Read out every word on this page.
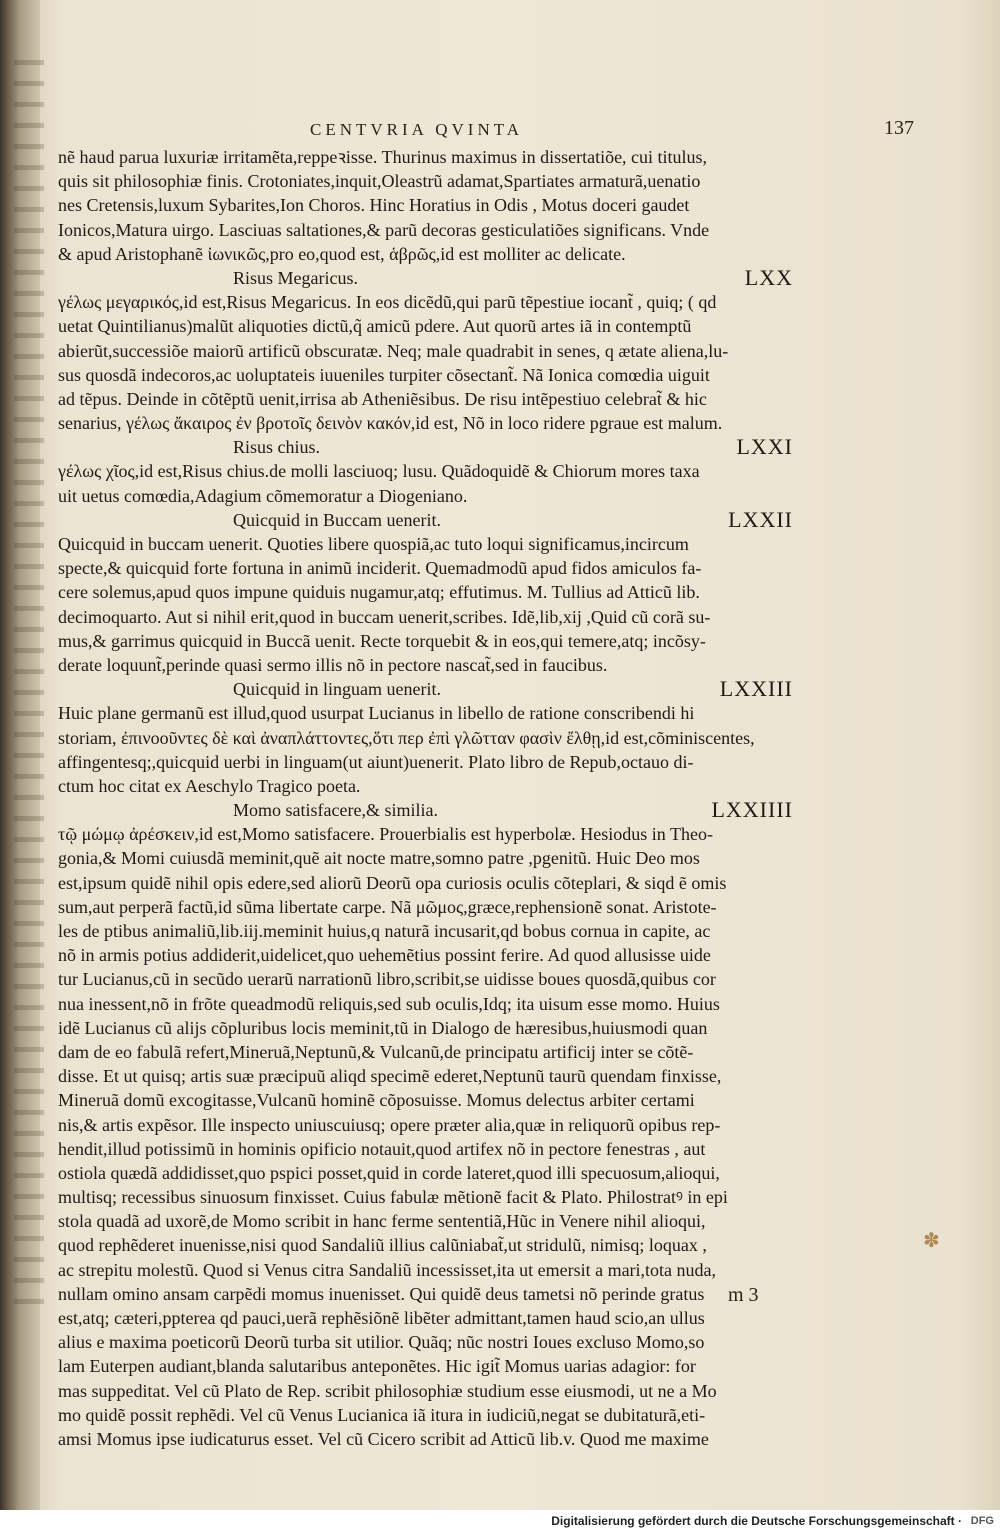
CENTVRIA QVINTA	137
nẽ haud parua luxuriæ irritamẽta,reppeꝛisse. Thurinus maximus in dissertatiõe, cui titulus,
quis sit philosophiæ finis. Crotoniates,inquit,Oleastrũ adamat,Spartiates armaturã,uenatio
nes Cretensis,luxum Sybarites,Ion Choros. Hinc Horatius in Odis , Motus doceri gaudet
Ionicos,Matura uirgo. Lasciuas saltationes,& parũ decoras gesticulatiões significans. Vnde
& apud Aristophanẽ ἰωνικῶς,pro eo,quod est, ἁβρῶς,id est molliter ac delicate.
Risus Megaricus.	LXX
γέλως μεγαρικός,id est,Risus Megaricus. In eos dicẽdũ,qui parũ tẽpestiue iocant̃ , quiq; ( qd
uetat Quintilianus)malũt aliquoties dictũ,q̃ amicũ pdere. Aut quorũ artes iã in contemptũ
abierũt,successiõe maiorũ artificũ obscuratæ. Neq; male quadrabit in senes, q ætate aliena,lu-
sus quosdã indecoros,ac uoluptateis iuueniles turpiter cõsectant̃. Nã Ionica comœdia uiguit
ad tẽpus. Deinde in cõtẽptũ uenit,irrisa ab Atheniẽsibus. De risu intẽpestiuo celebrat̃ & hic
senarius, γέλως ἄκαιρος ἐν βροτοῖς δεινὸν κακόν,id est, Nõ in loco ridere pgraue est malum.
Risus chius.	LXXI
γέλως χῖος,id est,Risus chius.de molli lasciuoq; lusu. Quãdoquidẽ & Chiorum mores taxa
uit uetus comœdia,Adagium cõmemoratur a Diogeniano.
Quicquid in Buccam uenerit.	LXXII
Quicquid in buccam uenerit. Quoties libere quospiã,ac tuto loqui significamus,incircum
specte,& quicquid forte fortuna in animũ inciderit. Quemadmodũ apud fidos amiculos fa-
cere solemus,apud quos impune quiduis nugamur,atq; effutimus. M. Tullius ad Atticũ lib.
decimoquarto. Aut si nihil erit,quod in buccam uenerit,scribes. Idẽ,lib,xij ,Quid cũ corã su-
mus,& garrimus quicquid in Buccã uenit. Recte torquebit & in eos,qui temere,atq; incõsy-
derate loquunt̃,perinde quasi sermo illis nõ in pectore nascat̃,sed in faucibus.
Quicquid in linguam uenerit.	LXXIII
Huic plane germanũ est illud,quod usurpat Lucianus in libello de ratione conscribendi hi
storiam, ἐπινοοῦντες δὲ καὶ ἀναπλάττοντες,ὅτι περ ἐπὶ γλῶτταν φασὶν ἔλθῃ,id est,cõminiscentes,
affingentesq;,quicquid uerbi in linguam(ut aiunt)uenerit. Plato libro de Repub,octauo di-
ctum hoc citat ex Aeschylo Tragico poeta.
Momo satisfacere,& similia.	LXXIIII
τῷ μώμῳ ἀρέσκειν,id est,Momo satisfacere. Prouerbialis est hyperbolæ. Hesiodus in Theo-
gonia,& Momi cuiusdã meminit,quẽ ait nocte matre,somno patre ,pgenitũ. Huic Deo mos
est,ipsum quidẽ nihil opis edere,sed aliorũ Deorũ opa curiosis oculis cõteplari, & siqd ẽ omis
sum,aut perperã factũ,id sũma libertate carpe. Nã μῶμος,græce,rephensionẽ sonat. Aristote-
les de ptibus animaliũ,lib.iij.meminit huius,q naturã incusarit,qd bobus cornua in capite, ac
nõ in armis potius addiderit,uidelicet,quo uehemẽtius possint ferire. Ad quod allusisse uide
tur Lucianus,cũ in secũdo uerarũ narrationũ libro,scribit,se uidisse boues quosdã,quibus cor
nua inessent,nõ in frõte queadmodũ reliquis,sed sub oculis,Idq; ita uisum esse momo. Huius
idẽ Lucianus cũ alijs cõpluribus locis meminit,tũ in Dialogo de hæresibus,huiusmodi quan
dam de eo fabulã refert,Mineruã,Neptunũ,& Vulcanũ,de principatu artificij inter se cõtẽ-
disse. Et ut quisq; artis suæ præcipuũ aliqd specimẽ ederet,Neptunũ taurũ quendam finxisse,
Mineruã domũ excogitasse,Vulcanũ hominẽ cõposuisse. Momus delectus arbiter certami
nis,& artis expẽsor. Ille inspecto uniuscuiusq; opere præter alia,quæ in reliquorũ opibus rep-
hendit,illud potissimũ in hominis opificio notauit,quod artifex nõ in pectore fenestras , aut
ostiola quædã addidisset,quo pspici posset,quid in corde lateret,quod illi specuosum,alioqui,
multisq; recessibus sinuosum finxisset. Cuius fabulæ mẽtionẽ facit & Plato. Philostratꝰ in epi
stola quadã ad uxorẽ,de Momo scribit in hanc ferme sententiã,Hũc in Venere nihil alioqui,
quod rephẽderet inuenisse,nisi quod Sandaliũ illius calũniabat̃,ut stridulũ, nimisq; loquax ,
ac strepitu molestũ. Quod si Venus citra Sandaliũ incessisset,ita ut emersit a mari,tota nuda,
nullam omino ansam carpẽdi momus inuenisset. Qui quidẽ deus tametsi nõ perinde gratus
est,atq; cæteri,ppterea qd pauci,uerã rephẽsiõnẽ libẽter admittant,tamen haud scio,an ullus
alius e maxima poeticorũ Deorũ turba sit utilior. Quãq; nũc nostri Ioues excluso Momo,so
lam Euterpen audiant,blanda salutaribus anteponẽtes. Hic igit̃ Momus uarias adagior: for
mas suppeditat. Vel cũ Plato de Rep. scribit philosophiæ studium esse eiusmodi, ut ne a Mo
mo quidẽ possit rephẽdi. Vel cũ Venus Lucianica iã itura in iudiciũ,negat se dubitaturã,eti-
amsi Momus ipse iudicaturus esset. Vel cũ Cicero scribit ad Atticũ lib.v. Quod me maxime
m 3
✽
Digitalisierung gefördert durch die Deutsche Forschungsgemeinschaft · DFG
